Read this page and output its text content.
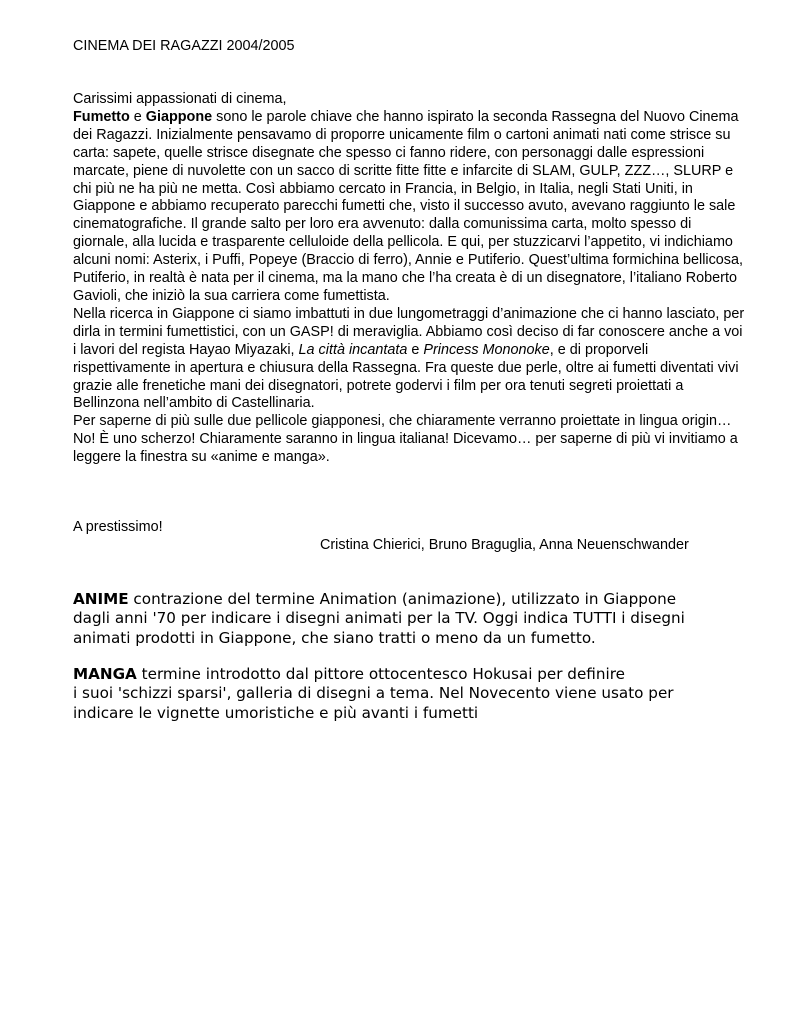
CINEMA DEI RAGAZZI 2004/2005

Carissimi appassionati di cinema,

Fumetto e Giappone sono le parole chiave che hanno ispirato la seconda Rassegna del Nuovo Cinema dei Ragazzi. Inizialmente pensavamo di proporre unicamente film o cartoni animati nati come strisce su carta: sapete, quelle strisce disegnate che spesso ci fanno ridere, con personaggi dalle espressioni marcate, piene di nuvolette con un sacco di scritte fitte fitte e infarcite di SLAM, GULP, ZZZ…, SLURP e chi più ne ha più ne metta. Così abbiamo cercato in Francia, in Belgio, in Italia, negli Stati Uniti, in Giappone e abbiamo recuperato parecchi fumetti che, visto il successo avuto, avevano raggiunto le sale cinematografiche. Il grande salto per loro era avvenuto: dalla comunissima carta, molto spesso di giornale, alla lucida e trasparente celluloide della pellicola. E qui, per stuzzicarvi l’appetito, vi indichiamo alcuni nomi: Asterix, i Puffi, Popeye (Braccio di ferro), Annie e Putiferio. Quest’ultima formichina bellicosa, Putiferio, in realtà è nata per il cinema, ma la mano che l’ha creata è di un disegnatore, l’italiano Roberto Gavioli, che iniziò la sua carriera come fumettista.

Nella ricerca in Giappone ci siamo imbattuti in due lungometraggi d’animazione che ci hanno lasciato, per dirla in termini fumettistici, con un GASP! di meraviglia. Abbiamo così deciso di far conoscere anche a voi i lavori del regista Hayao Miyazaki, La città incantata e Princess Mononoke, e di proporveli rispettivamente in apertura e chiusura della Rassegna. Fra queste due perle, oltre ai fumetti diventati vivi grazie alle frenetiche mani dei disegnatori, potrete godervi i film per ora tenuti segreti proiettati a Bellinzona nell’ambito di Castellinaria.

Per saperne di più sulle due pellicole giapponesi, che chiaramente verranno proiettate in lingua origin… No! È uno scherzo! Chiaramente saranno in lingua italiana! Dicevamo… per saperne di più vi invitiamo a leggere la finestra su «anime e manga».

A prestissimo!
Cristina Chierici, Bruno Braguglia, Anna Neuenschwander

ANIME contrazione del termine Animation (animazione), utilizzato in Giappone
dagli anni '70 per indicare i disegni animati per la TV. Oggi indica TUTTI i disegni
animati prodotti in Giappone, che siano tratti o meno da un fumetto.

MANGA termine introdotto dal pittore ottocentesco Hokusai per definire
i suoi 'schizzi sparsi', galleria di disegni a tema. Nel Novecento viene usato per
indicare le vignette umoristiche e più avanti i fumetti
